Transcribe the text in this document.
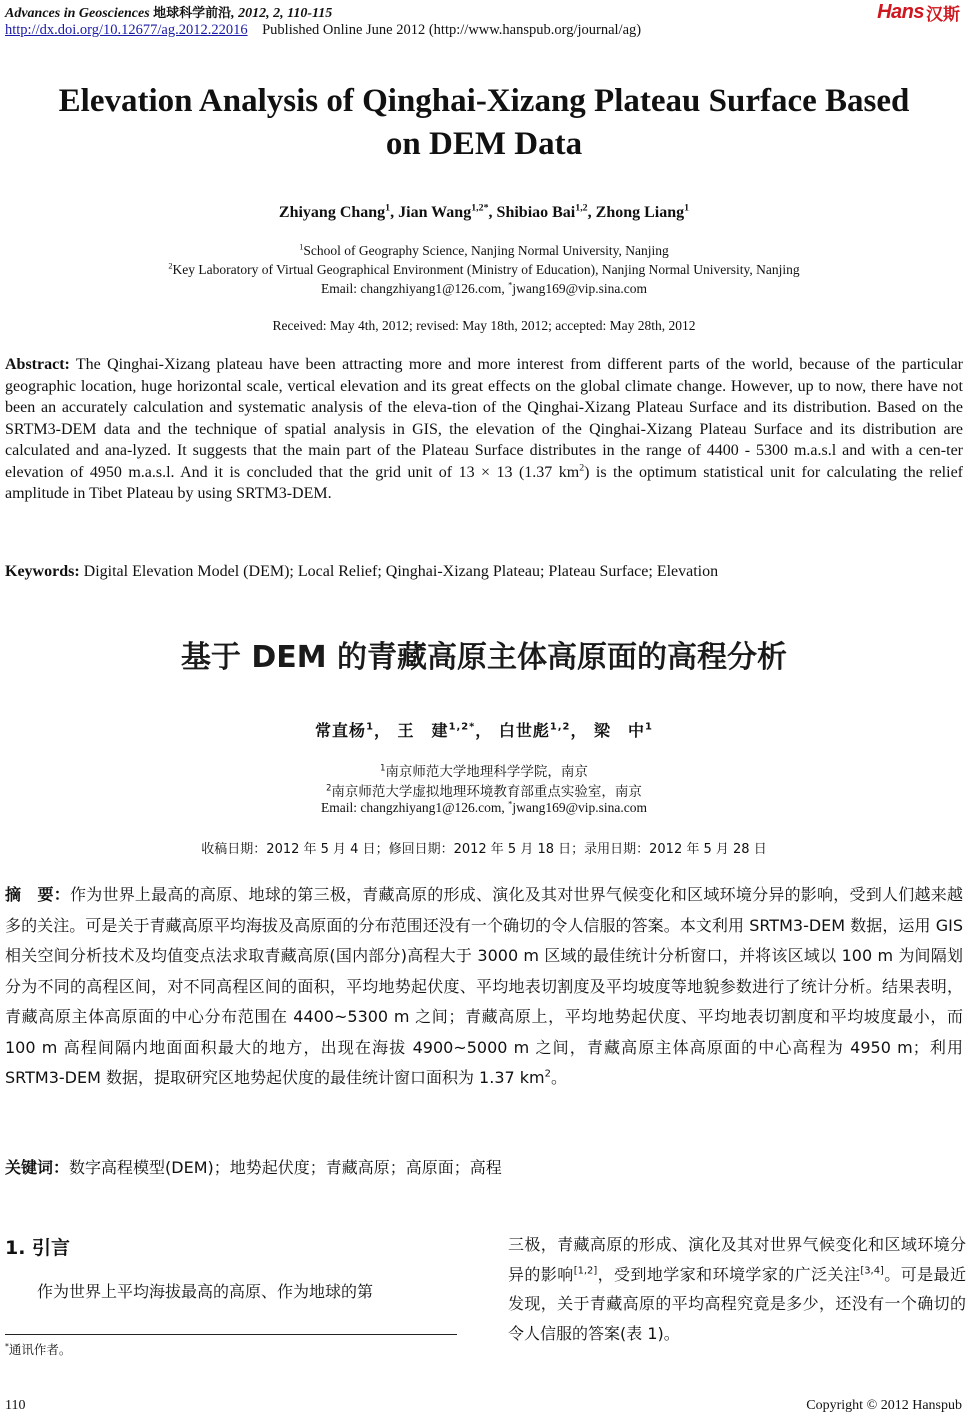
Advances in Geosciences 地球科学前沿, 2012, 2, 110-115
http://dx.doi.org/10.12677/ag.2012.22016 Published Online June 2012 (http://www.hanspub.org/journal/ag)
Hans 汉斯
Elevation Analysis of Qinghai-Xizang Plateau Surface Based on DEM Data
Zhiyang Chang$^1$, Jian Wang$^{1,2*}$, Shibiao Bai$^{1,2}$, Zhong Liang$^1$
$^1$School of Geography Science, Nanjing Normal University, Nanjing
$^2$Key Laboratory of Virtual Geographical Environment (Ministry of Education), Nanjing Normal University, Nanjing
Email: changzhiyang1@126.com, *jwang169@vip.sina.com
Received: May 4th, 2012; revised: May 18th, 2012; accepted: May 28th, 2012
Abstract: The Qinghai-Xizang plateau have been attracting more and more interest from different parts of the world, because of the particular geographic location, huge horizontal scale, vertical elevation and its great effects on the global climate change. However, up to now, there have not been an accurately calculation and systematic analysis of the eleva-tion of the Qinghai-Xizang Plateau Surface and its distribution. Based on the SRTM3-DEM data and the technique of spatial analysis in GIS, the elevation of the Qinghai-Xizang Plateau Surface and its distribution are calculated and ana-lyzed. It suggests that the main part of the Plateau Surface distributes in the range of 4400 - 5300 m.a.s.l and with a cen-ter elevation of 4950 m.a.s.l. And it is concluded that the grid unit of 13 × 13 (1.37 $km^2$) is the optimum statistical unit for calculating the relief amplitude in Tibet Plateau by using SRTM3-DEM.
Keywords: Digital Elevation Model (DEM); Local Relief; Qinghai-Xizang Plateau; Plateau Surface; Elevation
基于 DEM 的青藏高原主体高原面的高程分析
常直杨$^1$， 王　建$^{1,2*}$， 白世彪$^{1,2}$， 梁　中$^1$
$^1$南京师范大学地理科学学院，南京
$^2$南京师范大学虚拟地理环境教育部重点实验室，南京
Email: changzhiyang1@126.com, *jwang169@vip.sina.com
收稿日期：2012 年 5 月 4 日；修回日期：2012 年 5 月 18 日；录用日期：2012 年 5 月 28 日
摘　要：作为世界上最高的高原、地球的第三极，青藏高原的形成、演化及其对世界气候变化和区域环境分异的影响，受到人们越来越多的关注。可是关于青藏高原平均海拔及高原面的分布范围还没有一个确切的令人信服的答案。本文利用 SRTM3-DEM 数据，运用 GIS 相关空间分析技术及均值变点法求取青藏高原(国内部分)高程大于 3000 m 区域的最佳统计分析窗口，并将该区域以 100 m 为间隔划分为不同的高程区间，对不同高程区间的面积，平均地势起伏度、平均地表切割度及平均坡度等地貌参数进行了统计分析。结果表明，青藏高原主体高原面的中心分布范围在 4400~5300 m 之间；青藏高原上，平均地势起伏度、平均地表切割度和平均坡度最小，而 100 m 高程间隔内地面面积最大的地方，出现在海拔 4900~5000 m 之间，青藏高原主体高原面的中心高程为 4950 m；利用 SRTM3-DEM 数据，提取研究区地势起伏度的最佳统计窗口面积为 1.37 $km^2$。
关键词：数字高程模型(DEM)；地势起伏度；青藏高原；高原面；高程
1. 引言
作为世界上平均海拔最高的高原、作为地球的第
三极，青藏高原的形成、演化及其对世界气候变化和区域环境分异的影响[1,2]，受到地学家和环境学家的广泛关注[3,4]。可是最近发现，关于青藏高原的平均高程究竟是多少，还没有一个确切的令人信服的答案(表 1)。
*通讯作者。
110	Copyright © 2012 Hanspub
